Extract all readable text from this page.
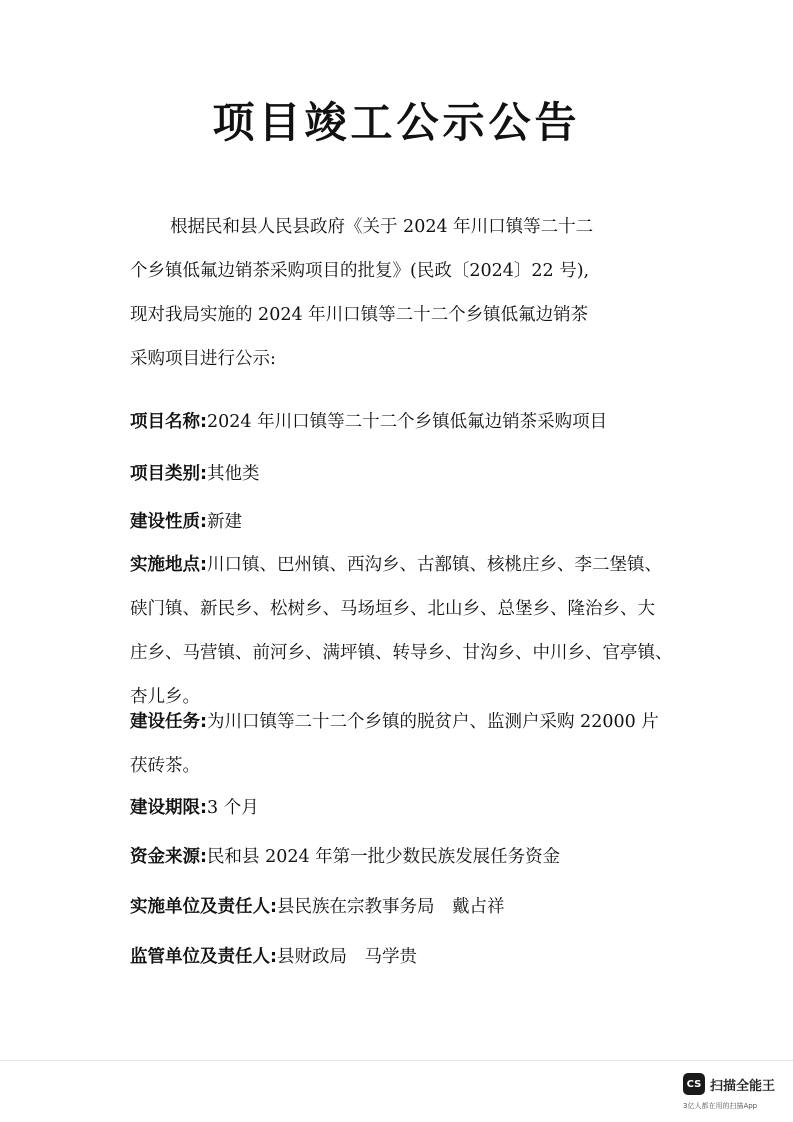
项目竣工公示公告
根据民和县人民县政府《关于 2024 年川口镇等二十二
个乡镇低氟边销茶采购项目的批复》(民政〔2024〕22 号),
现对我局实施的 2024 年川口镇等二十二个乡镇低氟边销茶
采购项目进行公示:
项目名称:2024 年川口镇等二十二个乡镇低氟边销茶采购项目
项目类别:其他类
建设性质:新建
实施地点:川口镇、巴州镇、西沟乡、古鄯镇、核桃庄乡、李二堡镇、
硖门镇、新民乡、松树乡、马场垣乡、北山乡、总堡乡、隆治乡、大
庄乡、马营镇、前河乡、满坪镇、转导乡、甘沟乡、中川乡、官亭镇、
杏儿乡。
建设任务:为川口镇等二十二个乡镇的脱贫户、监测户采购 22000 片
茯砖茶。
建设期限:3 个月
资金来源:民和县 2024 年第一批少数民族发展任务资金
实施单位及责任人:县民族在宗教事务局　戴占祥
监管单位及责任人:县财政局　马学贵
CS 扫描全能王
3亿人都在用的扫描App
